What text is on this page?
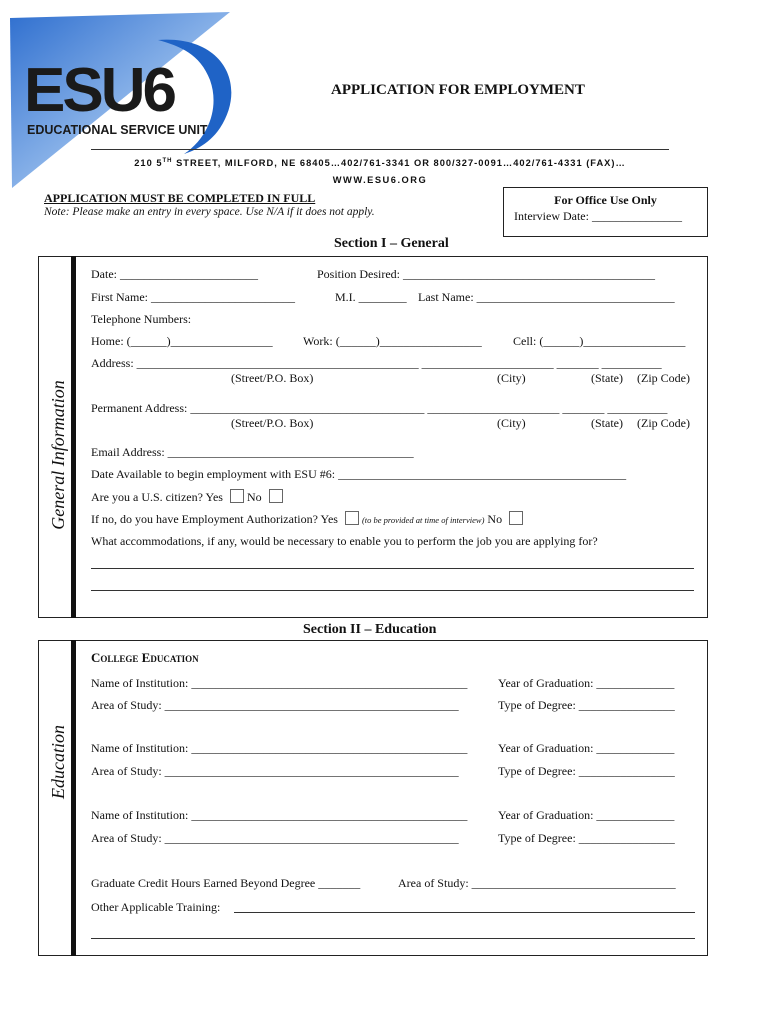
ESU6
EDUCATIONAL SERVICE UNIT
APPLICATION FOR EMPLOYMENT
210 5TH STREET, MILFORD, NE 68405…402/761-3341 OR 800/327-0091…402/761-4331 (FAX)…
WWW.ESU6.ORG
APPLICATION MUST BE COMPLETED IN FULL
Note: Please make an entry in every space. Use N/A if it does not apply.
For Office Use Only
Interview Date: _______________
Section I – General
General Information
Date: _______________________	Position Desired: __________________________________________
First Name: ________________________	M.I. ________ Last Name: _________________________________
Telephone Numbers:
Home: (______)_________________	Work: (______)_________________	Cell: (______)_________________
Address: _______________________________________________ ______________________ _______ __________
(Street/P.O. Box)	(City)	(State) (Zip Code)
Permanent Address: _______________________________________ ______________________ _______ __________
(Street/P.O. Box)	(City)	(State) (Zip Code)
Email Address: _________________________________________
Date Available to begin employment with ESU #6: ________________________________________________
Are you a U.S. citizen? Yes No
If no, do you have Employment Authorization? Yes	(to be provided at time of interview) No
What accommodations, if any, would be necessary to enable you to perform the job you are applying for?
Section II – Education
Education
College Education
Name of Institution: ______________________________________________	Year of Graduation: _____________
Area of Study: _________________________________________________	Type of Degree: ________________
Name of Institution: ______________________________________________	Year of Graduation: _____________
Area of Study: _________________________________________________	Type of Degree: ________________
Name of Institution: ______________________________________________	Year of Graduation: _____________
Area of Study: _________________________________________________	Type of Degree: ________________
Graduate Credit Hours Earned Beyond Degree _______	Area of Study: __________________________________
Other Applicable Training:
